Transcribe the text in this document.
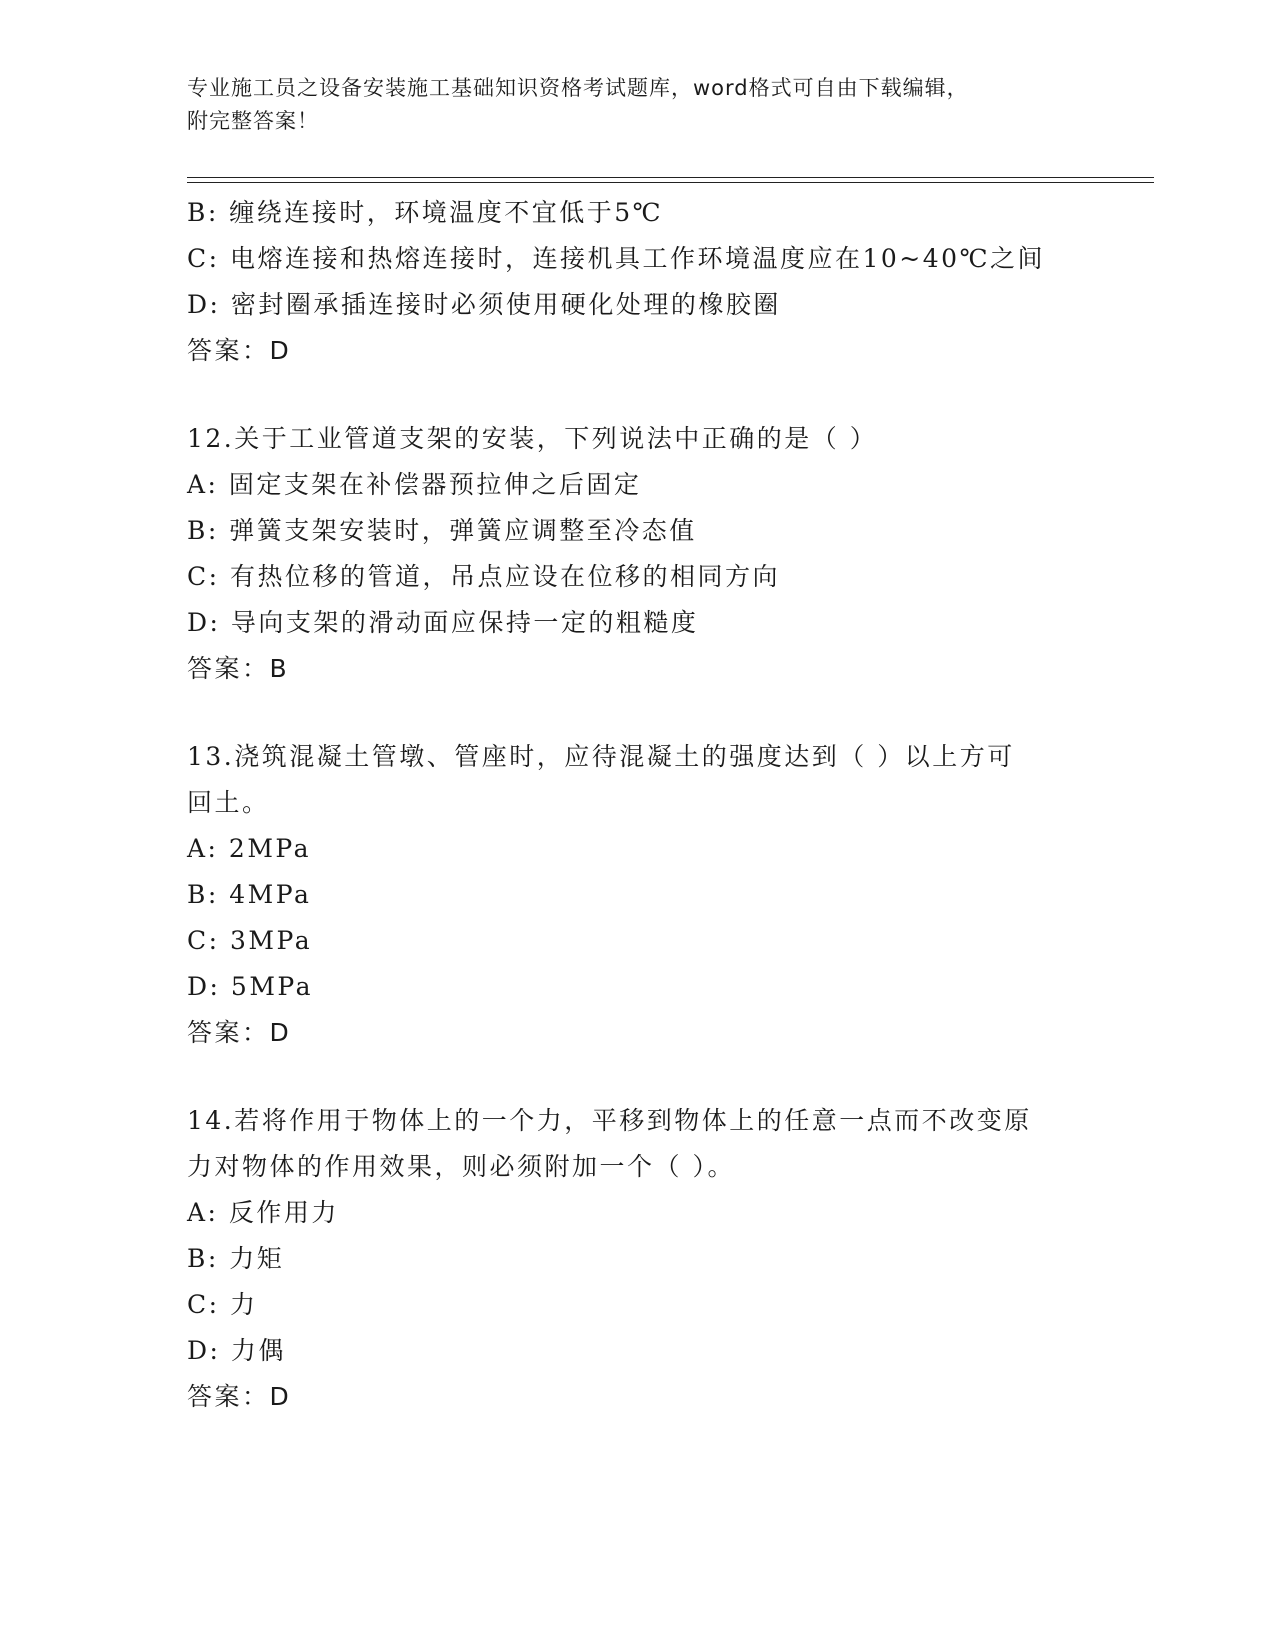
专业施工员之设备安装施工基础知识资格考试题库，word格式可自由下载编辑，
附完整答案！
B: 缠绕连接时，环境温度不宜低于5℃
C: 电熔连接和热熔连接时，连接机具工作环境温度应在10~40℃之间
D: 密封圈承插连接时必须使用硬化处理的橡胶圈
答案：D
12.关于工业管道支架的安装，下列说法中正确的是（ ）
A: 固定支架在补偿器预拉伸之后固定
B: 弹簧支架安装时，弹簧应调整至冷态值
C: 有热位移的管道，吊点应设在位移的相同方向
D: 导向支架的滑动面应保持一定的粗糙度
答案：B
13.浇筑混凝土管墩、管座时，应待混凝土的强度达到（ ）以上方可
回土。
A: 2MPa
B: 4MPa
C: 3MPa
D: 5MPa
答案：D
14.若将作用于物体上的一个力，平移到物体上的任意一点而不改变原
力对物体的作用效果，则必须附加一个（ ）。
A: 反作用力
B: 力矩
C: 力
D: 力偶
答案：D
